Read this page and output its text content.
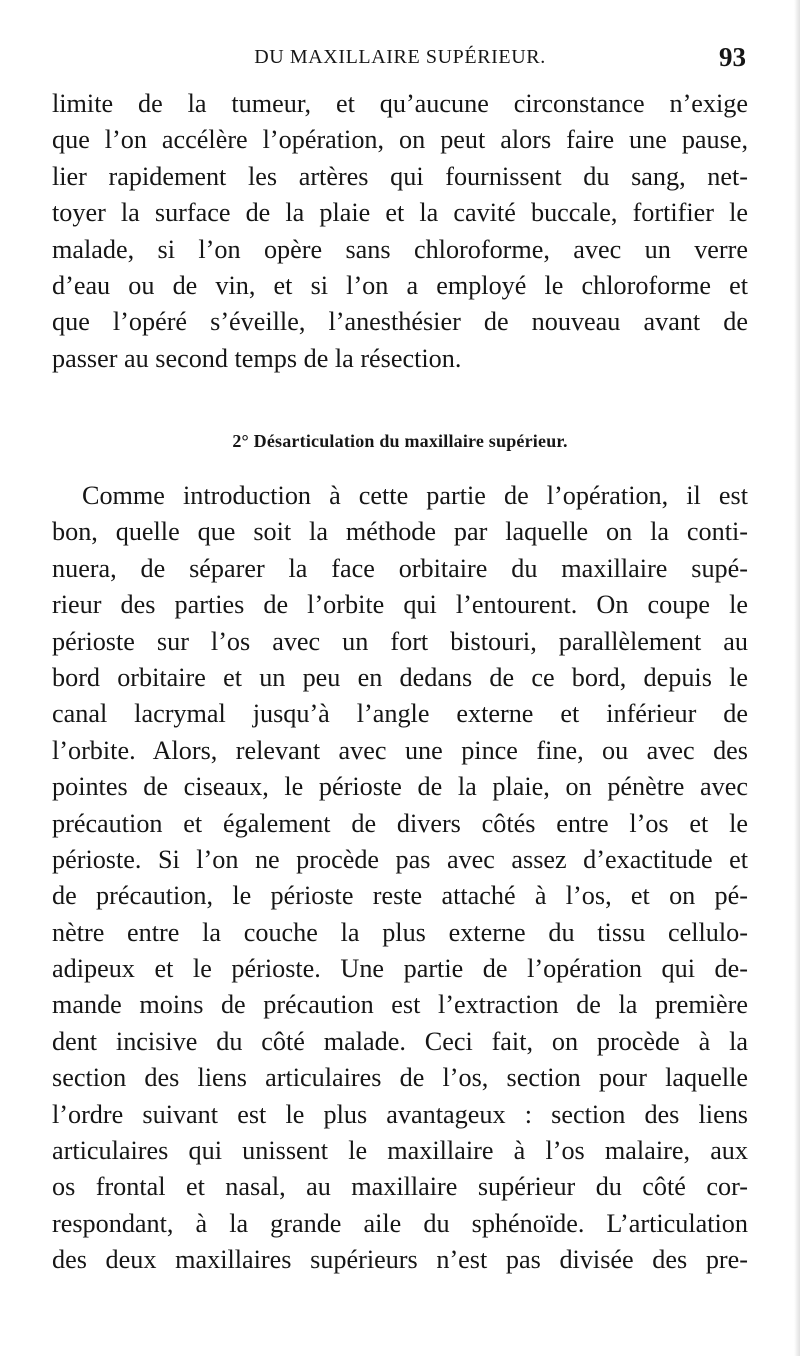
DU MAXILLAIRE SUPÉRIEUR.	93
limite de la tumeur, et qu’aucune circonstance n’exige
que l’on accélère l’opération, on peut alors faire une pause,
lier rapidement les artères qui fournissent du sang, net-
toyer la surface de la plaie et la cavité buccale, fortifier le
malade, si l’on opère sans chloroforme, avec un verre
d’eau ou de vin, et si l’on a employé le chloroforme et
que l’opéré s’éveille, l’anesthésier de nouveau avant de
passer au second temps de la résection.
2° Désarticulation du maxillaire supérieur.
Comme introduction à cette partie de l’opération, il est
bon, quelle que soit la méthode par laquelle on la conti-
nuera, de séparer la face orbitaire du maxillaire supé-
rieur des parties de l’orbite qui l’entourent. On coupe le
périoste sur l’os avec un fort bistouri, parallèlement au
bord orbitaire et un peu en dedans de ce bord, depuis le
canal lacrymal jusqu’à l’angle externe et inférieur de
l’orbite. Alors, relevant avec une pince fine, ou avec des
pointes de ciseaux, le périoste de la plaie, on pénètre avec
précaution et également de divers côtés entre l’os et le
périoste. Si l’on ne procède pas avec assez d’exactitude et
de précaution, le périoste reste attaché à l’os, et on pé-
nètre entre la couche la plus externe du tissu cellulo-
adipeux et le périoste. Une partie de l’opération qui de-
mande moins de précaution est l’extraction de la première
dent incisive du côté malade. Ceci fait, on procède à la
section des liens articulaires de l’os, section pour laquelle
l’ordre suivant est le plus avantageux : section des liens
articulaires qui unissent le maxillaire à l’os malaire, aux
os frontal et nasal, au maxillaire supérieur du côté cor-
respondant, à la grande aile du sphénoïde. L’articulation
des deux maxillaires supérieurs n’est pas divisée des pre-
